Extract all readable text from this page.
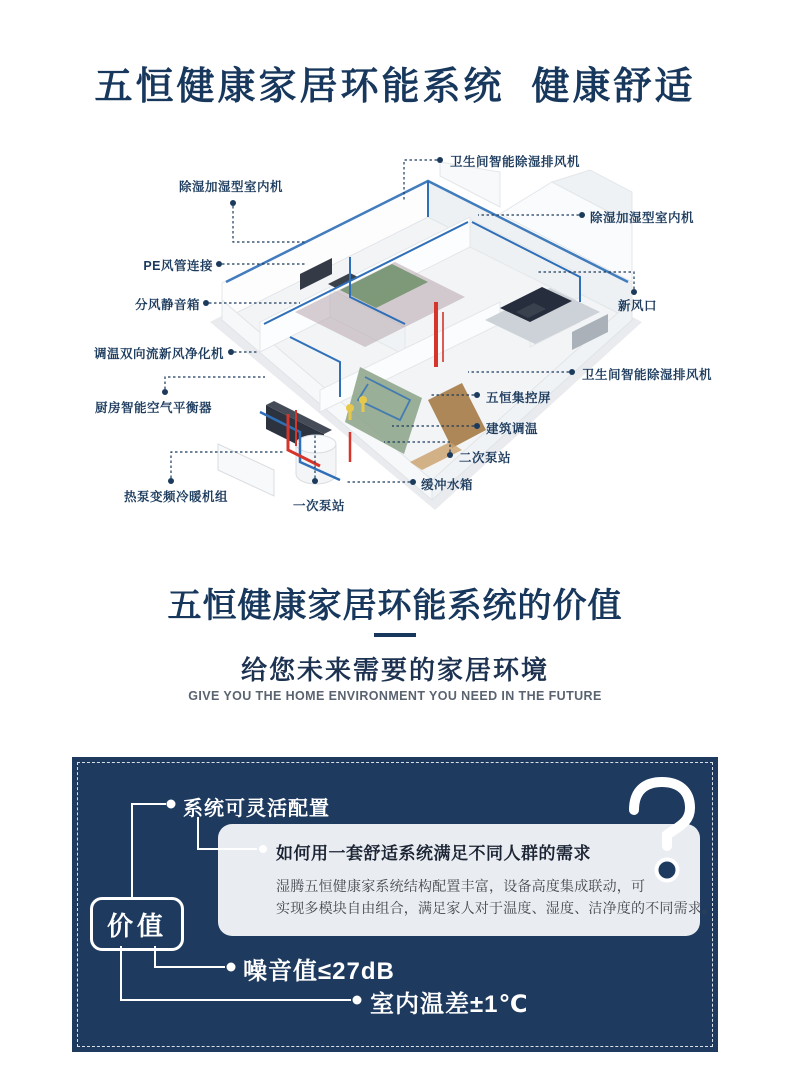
五恒健康家居环能系统  健康舒适
除湿加湿型室内机
PE风管连接
分风静音箱
调温双向流新风净化机
厨房智能空气平衡器
热泵变频冷暖机组
一次泵站
卫生间智能除湿排风机
除湿加湿型室内机
新风口
卫生间智能除湿排风机
五恒集控屏
建筑调温
二次泵站
缓冲水箱
五恒健康家居环能系统的价值
给您未来需要的家居环境
GIVE YOU THE HOME ENVIRONMENT YOU NEED IN THE FUTURE
系统可灵活配置
如何用一套舒适系统满足不同人群的需求
湿腾五恒健康家系统结构配置丰富，设备高度集成联动，可
实现多模块自由组合，满足家人对于温度、湿度、洁净度的不同需求。
价值
噪音值≤27dB
室内温差±1℃
